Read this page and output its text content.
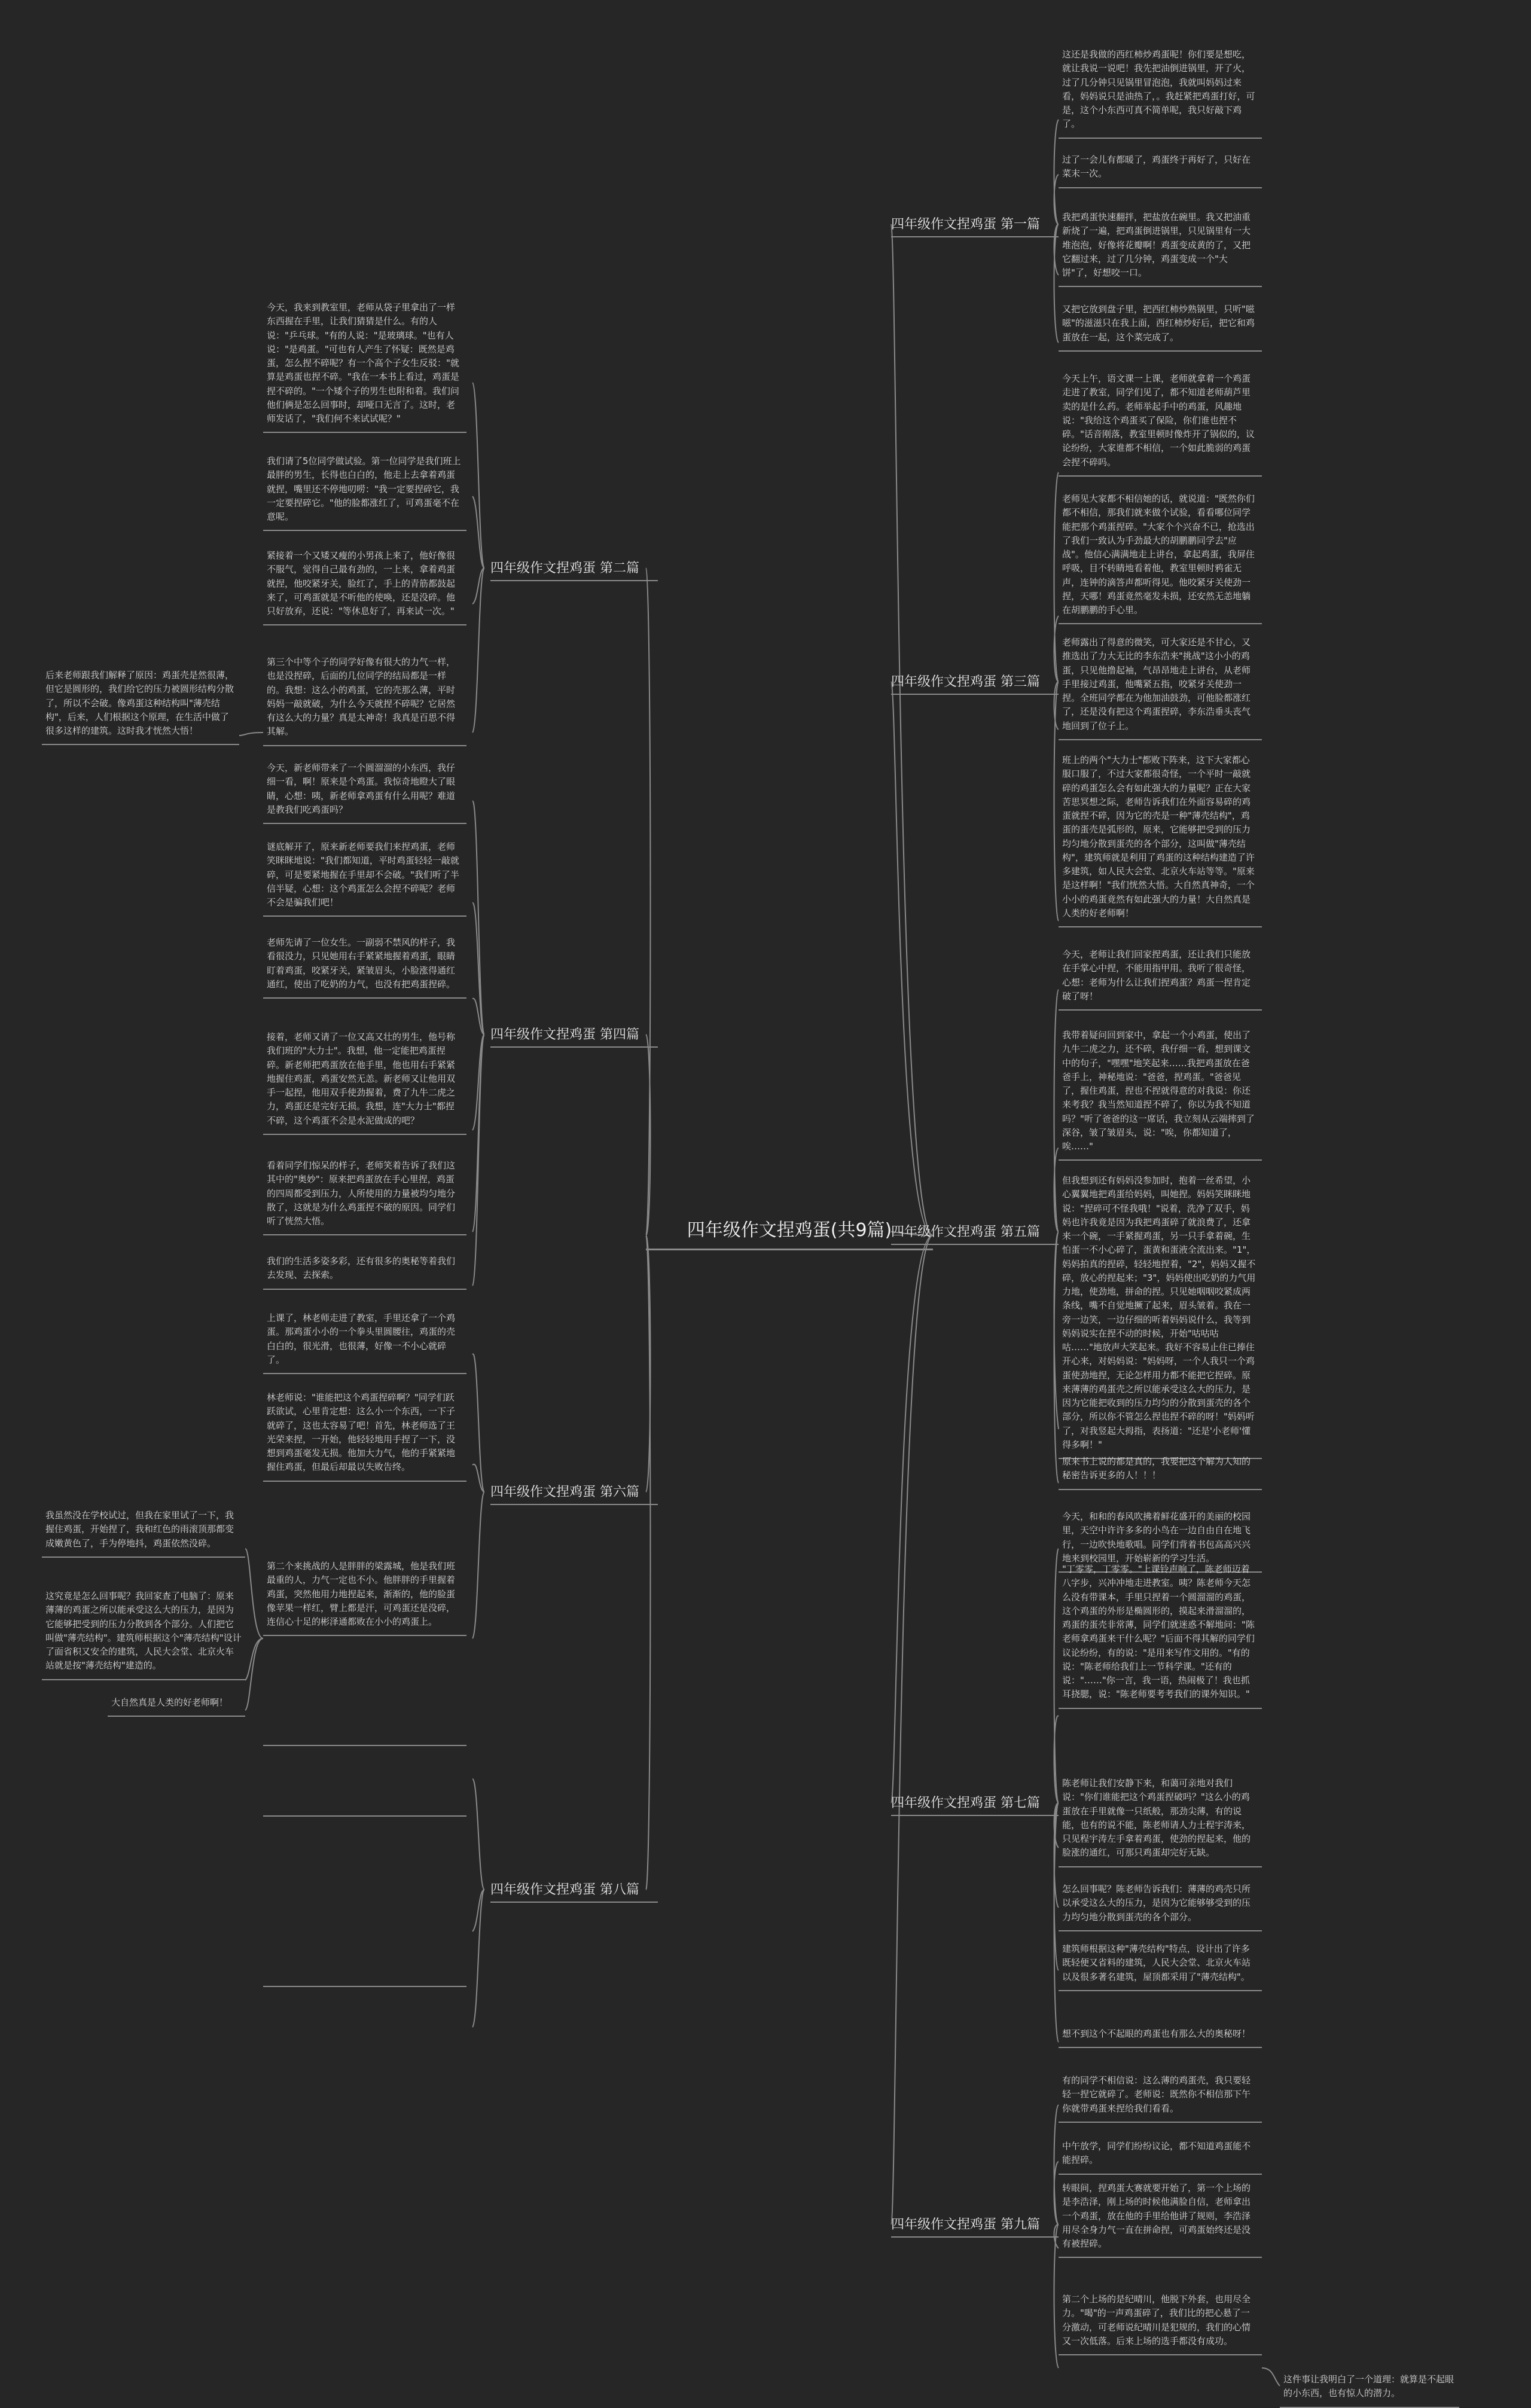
四年级作文捏鸡蛋(共9篇)
四年级作文捏鸡蛋 第一篇
四年级作文捏鸡蛋 第三篇
四年级作文捏鸡蛋 第五篇
四年级作文捏鸡蛋 第七篇
四年级作文捏鸡蛋 第九篇
四年级作文捏鸡蛋 第二篇
四年级作文捏鸡蛋 第四篇
四年级作文捏鸡蛋 第六篇
四年级作文捏鸡蛋 第八篇
这还是我做的西红柿炒鸡蛋呢！你们要是想吃，就让我说一说吧！我先把油倒进锅里，开了火，过了几分钟只见锅里冒泡泡，我就叫妈妈过来看，妈妈说只是油热了，。我赶紧把鸡蛋打好，可是，这个小东西可真不简单呢，我只好敲下鸡了。
过了一会儿有都暖了，鸡蛋终于再好了，只好在菜末一次。
我把鸡蛋快速翻拌，把盐放在碗里。我又把油重新烧了一遍，把鸡蛋倒进锅里，只见锅里有一大堆泡泡，好像将花瓣啊！鸡蛋变成黄的了，又把它翻过来，过了几分钟，鸡蛋变成一个"大饼"了，好想咬一口。
又把它放到盘子里，把西红柿炒熟锅里，只听"嗞嗞"的滋滋只在我上面，西红柿炒好后，把它和鸡蛋放在一起，这个菜完成了。
今天上午，语文课一上课，老师就拿着一个鸡蛋走进了教室，同学们见了，都不知道老师葫芦里卖的是什么药。老师举起手中的鸡蛋，风趣地说："我给这个鸡蛋买了保险，你们谁也捏不碎。"话音刚落，教室里顿时像炸开了锅似的，议论纷纷，大家谁都不相信，一个如此脆弱的鸡蛋会捏不碎吗。
老师见大家都不相信她的话，就说道："既然你们都不相信，那我们就来做个试验，看看哪位同学能把那个鸡蛋捏碎。"大家个个兴奋不已，抢选出了我们一致认为手劲最大的胡鹏鹏同学去"应战"。他信心满满地走上讲台，拿起鸡蛋，我屏住呼吸，目不转睛地看着他，教室里顿时鸦雀无声，连钟的滴答声都听得见。他咬紧牙关使劲一捏，天哪！鸡蛋竟然毫发未损，还安然无恙地躺在胡鹏鹏的手心里。
老师露出了得意的微笑，可大家还是不甘心，又推选出了力大无比的李东浩来"挑战"这小小的鸡蛋，只见他撸起袖，气昂昂地走上讲台，从老师手里接过鸡蛋，他嘴紧五指，咬紧牙关使劲一捏。全班同学都在为他加油鼓劲，可他脸都涨红了，还是没有把这个鸡蛋捏碎，李东浩垂头丧气地回到了位子上。
班上的两个"大力士"都败下阵来，这下大家都心服口服了，不过大家都很奇怪，一个平时一敲就碎的鸡蛋怎么会有如此强大的力量呢？正在大家苦思冥想之际，老师告诉我们在外面容易碎的鸡蛋就捏不碎，因为它的壳是一种"薄壳结构"，鸡蛋的蛋壳是弧形的，原来，它能够把受到的压力均匀地分散到蛋壳的各个部分，这叫做"薄壳结构"，建筑师就是利用了鸡蛋的这种结构建造了许多建筑，如人民大会堂、北京火车站等等。"原来是这样啊！"我们恍然大悟。大自然真神奇，一个小小的鸡蛋竟然有如此强大的力量！大自然真是人类的好老师啊！
今天，老师让我们回家捏鸡蛋，还让我们只能放在手掌心中捏，不能用指甲用。我听了很奇怪，心想：老师为什么让我们捏鸡蛋？鸡蛋一捏肯定破了呀！
我带着疑问回到家中，拿起一个小鸡蛋，使出了九牛二虎之力，还不碎，我仔细一看，想到课文中的句子，"嘿嘿"地笑起来……我把鸡蛋放在爸爸手上，神秘地说："爸爸，捏鸡蛋。"爸爸见了，握住鸡蛋，捏也不捏就得意的对我说：你还来考我？我当然知道捏不碎了，你以为我不知道吗？"听了爸爸的这一席话，我立刻从云端摔到了深谷，皱了皱眉头，说："唉，你都知道了，唉……"
但我想到还有妈妈没参加时，抱着一丝希望，小心翼翼地把鸡蛋给妈妈，叫她捏。妈妈笑眯眯地说："捏碎可不怪我哦！"说着，洗净了双手，妈妈也许我竟是因为我把鸡蛋碎了就浪费了，还拿来一个碗，一手紧握鸡蛋，另一只手拿着碗，生怕蛋一不小心碎了，蛋黄和蛋液全流出来。"1"，妈妈拍真的捏碎，轻轻地捏着，"2"，妈妈又握不碎，放心的捏起来；"3"，妈妈使出吃奶的力气用力地，使劲地，拼命的捏。只见她咽咽咬紧成两条线，嘴不自觉地撅了起来，眉头皱着。我在一旁一边笑，一边仔细的听着妈妈说什么，我等到妈妈说实在捏不动的时候，开始"咕咕咕咕……"地放声大笑起来。我好不容易止住已捧住开心来，对妈妈说："妈妈呀，一个人我只一个鸡蛋使劲地捏，无论怎样用力都不能把它捏碎。原来薄薄的鸡蛋壳之所以能承受这么大的压力，是因为它能把收到的压力均匀的分散到蛋壳的各个部分，所以你不管怎么捏也捏不碎的呀！"妈妈听了，对我竖起大拇指，表扬道："还是'小老师'懂得多啊！"
原来书上说的都是真的，我要把这个解为人知的秘密告诉更多的人！！！
今天，和和的春风吹拂着鲜花盛开的美丽的校园里，天空中许许多多的小鸟在一边自由自在地飞行，一边吹快地歌唱。同学们背着书包高高兴兴地来到校园里，开始崭新的学习生活。
"丁零零，丁零零。"上课铃声响了，陈老师迈着八字步，兴冲冲地走进教室。咦？陈老师今天怎么没有带课本，手里只捏着一个圆溜溜的鸡蛋，这个鸡蛋的外形是椭圆形的，摸起来滑溜溜的，鸡蛋的蛋壳非常薄，同学们就迷惑不解地问："陈老师拿鸡蛋来干什么呢？"后面不得其解的同学们议论纷纷，有的说："是用来写作文用的。"有的说："陈老师给我们上一节科学课。"还有的说："……"你一言，我一语，热闹极了！我也抓耳挠腮，说："陈老师要考考我们的课外知识。"
陈老师让我们安静下来，和蔼可亲地对我们说："你们谁能把这个鸡蛋捏破吗？"这么小的鸡蛋放在手里就像一只纸般，那劲尖薄，有的说能，也有的说不能，陈老师请人力士程宇涛来，只见程宇涛左手拿着鸡蛋，使劲的捏起来，他的脸涨的通红，可那只鸡蛋却完好无缺。
怎么回事呢？陈老师告诉我们：薄薄的鸡壳只所以承受这么大的压力，是因为它能够够受到的压力均匀地分散到蛋壳的各个部分。
建筑师根据这种"薄壳结构"特点，设计出了许多既轻便又省料的建筑，人民大会堂、北京火车站以及很多著名建筑，屋顶都采用了"薄壳结构"。
想不到这个不起眼的鸡蛋也有那么大的奥秘呀！
有的同学不相信说：这么薄的鸡蛋壳，我只要轻轻一捏它就碎了。老师说：既然你不相信那下午你就带鸡蛋来捏给我们看看。
中午放学，同学们纷纷议论，都不知道鸡蛋能不能捏碎。
转眼间，捏鸡蛋大赛就要开始了，第一个上场的是李浩泽，刚上场的时候他满脸自信，老师拿出一个鸡蛋，放在他的手里给他讲了规则，李浩泽用尽全身力气一直在拼命捏，可鸡蛋始终还是没有被捏碎。
第二个上场的是纪晴川，他脱下外套，也用尽全力。"喝"的一声鸡蛋碎了，我们比的把心悬了一分激动，可老师说纪晴川是犯规的，我们的心情又一次低落。后来上场的选手都没有成功。
这件事让我明白了一个道理：就算是不起眼的小东西，也有惊人的潜力。
今天，我来到教室里，老师从袋子里拿出了一样东西握在手里，让我们猜猜是什么。有的人说："乒乓球。"有的人说："是玻璃球。"也有人说："是鸡蛋。"可也有人产生了怀疑：既然是鸡蛋，怎么捏不碎呢？有一个高个子女生反驳："就算是鸡蛋也捏不碎。"我在一本书上看过，鸡蛋是捏不碎的。"一个矮个子的男生也附和着。我们问他们俩是怎么回事时，却哑口无言了。这时，老师发话了，"我们何不来试试呢？"
我们请了5位同学做试验。第一位同学是我们班上最胖的男生，长得也白白的，他走上去拿着鸡蛋就捏，嘴里还不停地叨唠："我一定要捏碎它，我一定要捏碎它。"他的脸都涨红了，可鸡蛋毫不在意呢。
紧接着一个又矮又瘦的小男孩上来了，他好像很不服气，觉得自己最有劲的，一上来，拿着鸡蛋就捏，他咬紧牙关，脸红了，手上的青筋都鼓起来了，可鸡蛋就是不听他的使唤，还是没碎。他只好放弃，还说："等休息好了，再来试一次。"
第三个中等个子的同学好像有很大的力气一样，也是没捏碎，后面的几位同学的结局都是一样的。我想：这么小的鸡蛋，它的壳那么薄，平时妈妈一敲就破，为什么今天就捏不碎呢？它居然有这么大的力量？真是太神奇！我真是百思不得其解。
后来老师跟我们解释了原因：鸡蛋壳是然很薄，但它是圆形的，我们给它的压力被圆形结构分散了，所以不会破。像鸡蛋这种结构叫"薄壳结构"，后来，人们根据这个原理，在生活中做了很多这样的建筑。这时我才恍然大悟！
今天，新老师带来了一个圆溜溜的小东西，我仔细一看，啊！原来是个鸡蛋。我惊奇地瞪大了眼睛，心想：咦，新老师拿鸡蛋有什么用呢？难道是教我们吃鸡蛋吗？
谜底解开了，原来新老师要我们来捏鸡蛋，老师笑眯眯地说："我们都知道，平时鸡蛋轻轻一敲就碎，可是要紧地握在手里却不会破。"我们听了半信半疑，心想：这个鸡蛋怎么会捏不碎呢？老师不会是骗我们吧！
老师先请了一位女生。一副弱不禁风的样子，我看很没力，只见她用右手紧紧地握着鸡蛋，眼睛盯着鸡蛋，咬紧牙关，紧皱眉头，小脸涨得通红通红，使出了吃奶的力气，也没有把鸡蛋捏碎。
接着，老师又请了一位又高又壮的男生，他号称我们班的"大力士"。我想，他一定能把鸡蛋捏碎。新老师把鸡蛋放在他手里，他也用右手紧紧地握住鸡蛋，鸡蛋安然无恙。新老师又让他用双手一起捏，他用双手使劲握着，费了九牛二虎之力，鸡蛋还是完好无损。我想，连"大力士"都捏不碎，这个鸡蛋不会是水泥做成的吧？
看着同学们惊呆的样子，老师笑着告诉了我们这其中的"奥妙"：原来把鸡蛋放在手心里捏，鸡蛋的四周都受到压力，人所使用的力量被均匀地分散了，这就是为什么鸡蛋捏不破的原因。同学们听了恍然大悟。
我们的生活多姿多彩，还有很多的奥秘等着我们去发现、去探索。
上课了，林老师走进了教室，手里还拿了一个鸡蛋。那鸡蛋小小的一个拳头里圆腰往，鸡蛋的壳白白的，很光滑，也很薄，好像一不小心就碎了。
林老师说："谁能把这个鸡蛋捏碎啊？"同学们跃跃欲试，心里肯定想：这么小一个东西，一下子就碎了，这也太容易了吧！首先，林老师选了王光荣来捏，一开始，他轻轻地用手捏了一下，没想到鸡蛋毫发无损。他加大力气，他的手紧紧地握住鸡蛋，但最后却最以失败告终。
第二个来挑战的人是胖胖的梁露城，他是我们班最重的人，力气一定也不小。他胖胖的手里握着鸡蛋，突然他用力地捏起来，渐渐的，他的脸蛋像苹果一样红，臂上都是汗，可鸡蛋还是没碎，连信心十足的彬泽通都败在小小的鸡蛋上。
我虽然没在学校试过，但我在家里试了一下，我握住鸡蛋，开始捏了，我和红色的雨滚顶那都变成嫩黄色了，手为停地抖，鸡蛋依然没碎。
这究竟是怎么回事呢？我回家查了电脑了：原来薄薄的鸡蛋之所以能承受这么大的压力，是因为它能够把受到的压力分散到各个部分。人们把它叫做"薄壳结构"。建筑师根据这个"薄壳结构"设计了面省积又安全的建筑，人民大会堂、北京火车站就是按"薄壳结构"建造的。
大自然真是人类的好老师啊！
